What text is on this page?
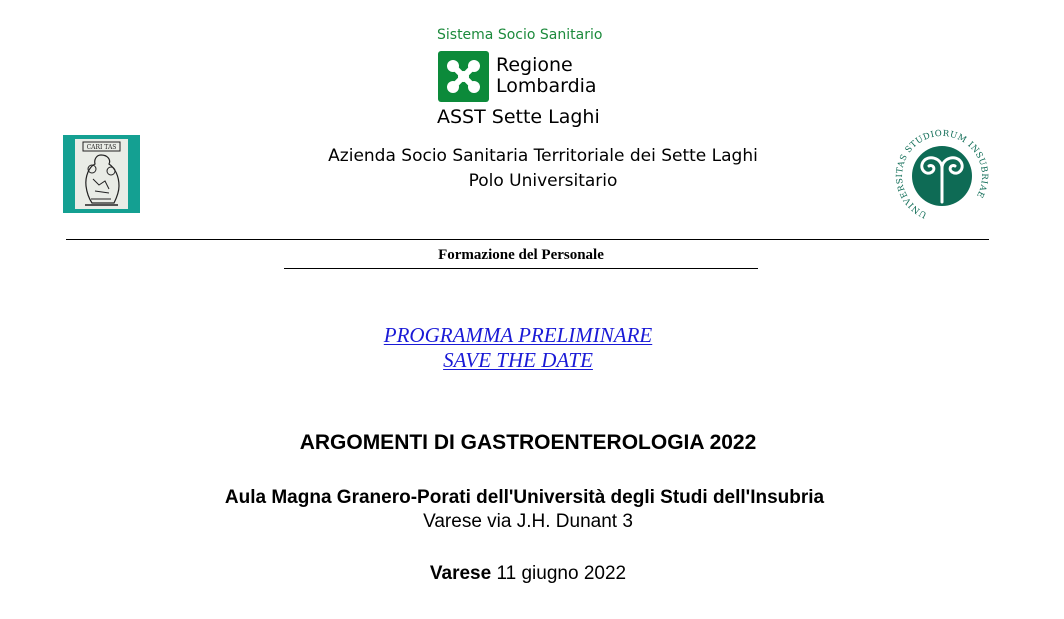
Sistema Socio Sanitario
Regione
Lombardia
ASST Sette Laghi
Azienda Socio Sanitaria Territoriale dei Sette Laghi
Polo Universitario
CARI TAS
UNIVERSITAS STUDIORUM INSUBRIAE
Formazione del Personale
PROGRAMMA PRELIMINARE
SAVE THE DATE
ARGOMENTI DI GASTROENTEROLOGIA 2022
Aula Magna Granero-Porati dell'Università degli Studi dell'Insubria
Varese via J.H. Dunant 3
Varese 11 giugno 2022
